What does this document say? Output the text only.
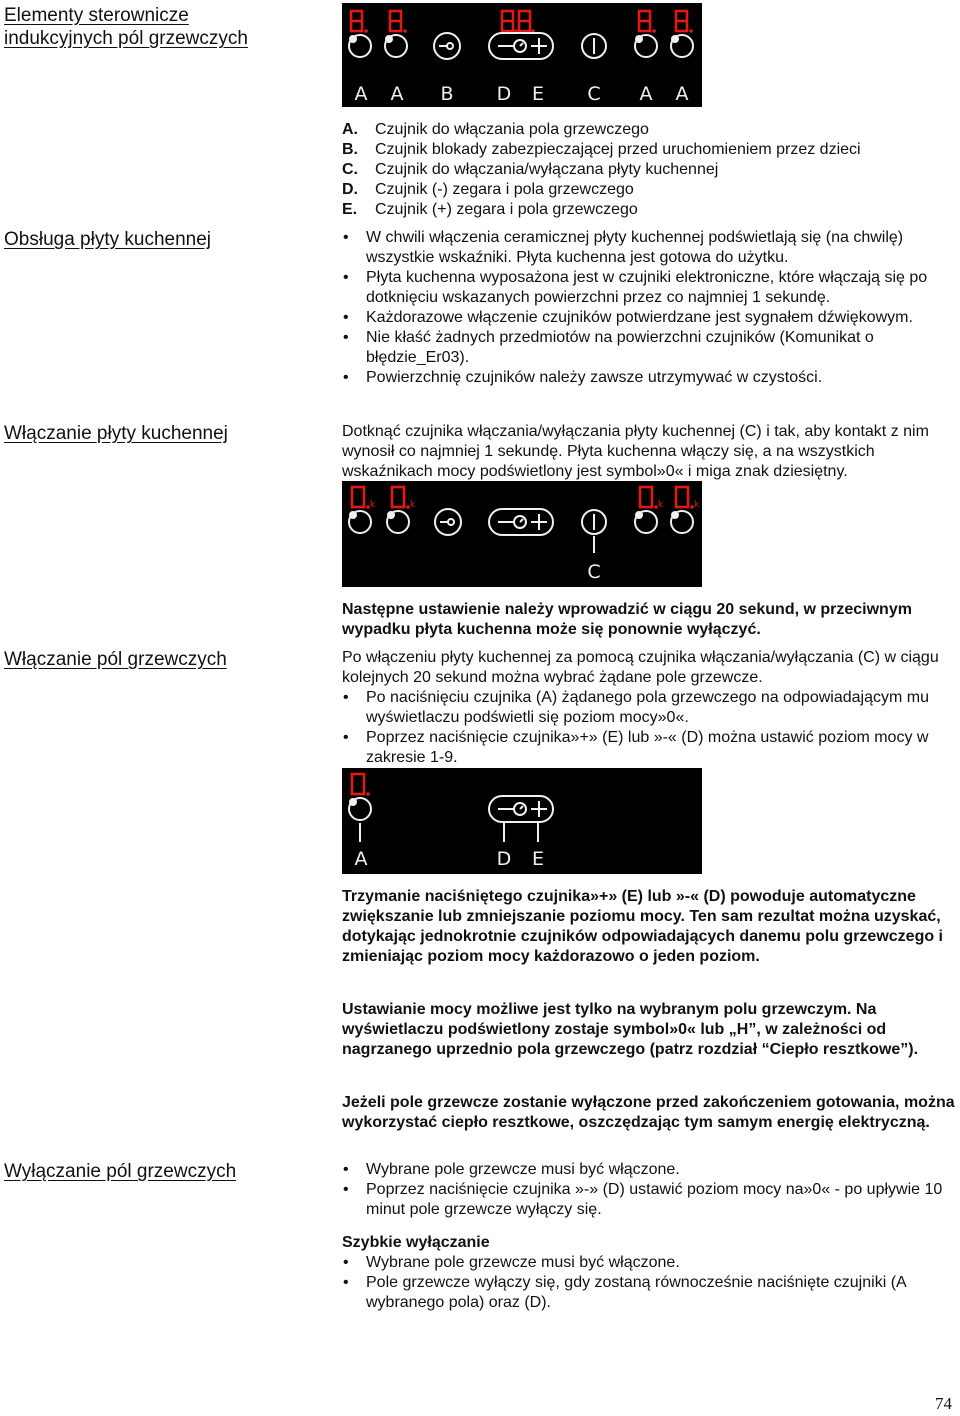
Elementy sterownicze
indukcyjnych pól grzewczych
Obsługa płyty kuchennej
Włączanie płyty kuchennej
Włączanie pól grzewczych
Wyłączanie pól grzewczych
A A B D E C A A
A.	Czujnik do włączania pola grzewczego
B.	Czujnik blokady zabezpieczającej przed uruchomieniem przez dzieci
C.	Czujnik do włączania/wyłączana płyty kuchennej
D.	Czujnik (-) zegara i pola grzewczego
E.	Czujnik (+) zegara i pola grzewczego
• W chwili włączenia ceramicznej płyty kuchennej podświetlają się (na chwilę) wszystkie wskaźniki. Płyta kuchenna jest gotowa do użytku.
• Płyta kuchenna wyposażona jest w czujniki elektroniczne, które włączają się po dotknięciu wskazanych powierzchni przez co najmniej 1 sekundę.
• Każdorazowe włączenie czujników potwierdzane jest sygnałem dźwiękowym.
• Nie kłaść żadnych przedmiotów na powierzchni czujników (Komunikat o błędzie_Er03).
• Powierzchnię czujników należy zawsze utrzymywać w czystości.
Dotknąć czujnika włączania/wyłączania płyty kuchennej (C) i tak, aby kontakt z nim wynosił co najmniej 1 sekundę. Płyta kuchenna włączy się, a na wszystkich wskaźnikach mocy podświetlony jest symbol»0« i miga znak dziesiętny.
k	k	k	k
C
Następne ustawienie należy wprowadzić w ciągu 20 sekund, w przeciwnym wypadku płyta kuchenna może się ponownie wyłączyć.
Po włączeniu płyty kuchennej za pomocą czujnika włączania/wyłączania (C) w ciągu kolejnych 20 sekund można wybrać żądane pole grzewcze.
• Po naciśnięciu czujnika (A) żądanego pola grzewczego na odpowiadającym mu wyświetlaczu podświetli się poziom mocy»0«.
• Poprzez naciśnięcie czujnika»+» (E) lub »-« (D) można ustawić poziom mocy w zakresie 1-9.
A	D E
Trzymanie naciśniętego czujnika»+» (E) lub »-« (D) powoduje automatyczne zwiększanie lub zmniejszanie poziomu mocy. Ten sam rezultat można uzyskać, dotykając jednokrotnie czujników odpowiadających danemu polu grzewczego i zmieniając poziom mocy każdorazowo o jeden poziom.
Ustawianie mocy możliwe jest tylko na wybranym polu grzewczym. Na wyświetlaczu podświetlony zostaje symbol»0« lub „H”, w zależności od nagrzanego uprzednio pola grzewczego (patrz rozdział “Ciepło resztkowe”).
Jeżeli pole grzewcze zostanie wyłączone przed zakończeniem gotowania, można wykorzystać ciepło resztkowe, oszczędzając tym samym energię elektryczną.
• Wybrane pole grzewcze musi być włączone.
• Poprzez naciśnięcie czujnika »-» (D) ustawić poziom mocy na»0« - po upływie 10 minut pole grzewcze wyłączy się.
Szybkie wyłączanie
• Wybrane pole grzewcze musi być włączone.
• Pole grzewcze wyłączy się, gdy zostaną równocześnie naciśnięte czujniki (A wybranego pola) oraz (D).
74
